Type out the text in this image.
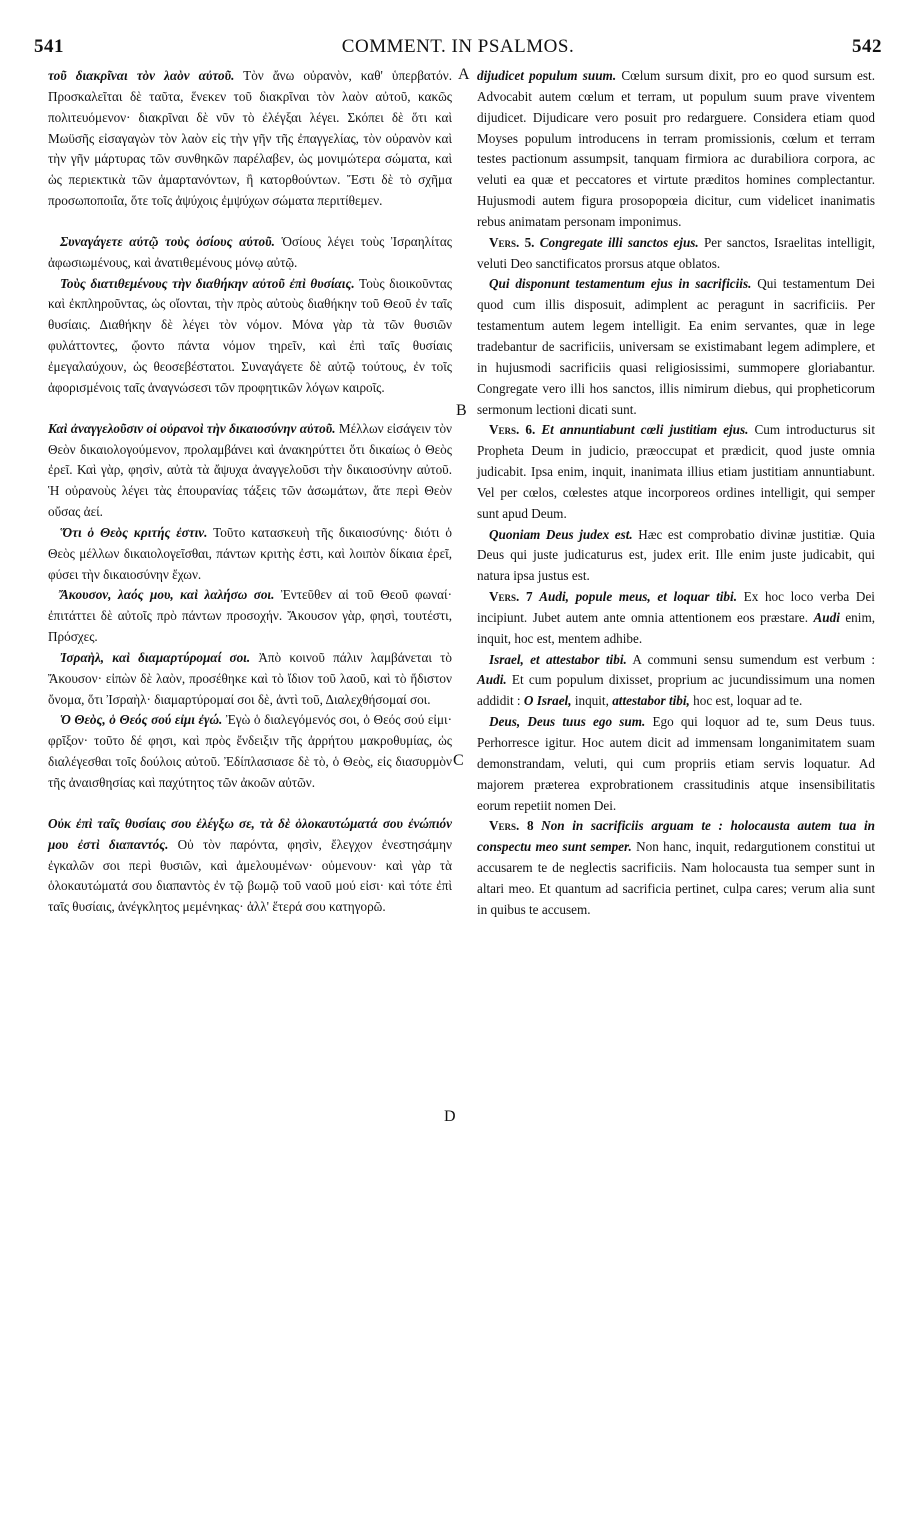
541	COMMENT. IN PSALMOS.	542

τοῦ διακρῖναι τὸν λαὸν αὐτοῦ. Τὸν ἄνω οὐρανὸν, καθ' ὑπερβατόν. Προσκαλεῖται δὲ ταῦτα, ἕνεκεν τοῦ διακρῖναι τὸν λαὸν αὐτοῦ, κακῶς πολιτευόμενον· διακρῖναι δὲ νῦν τὸ ἐλέγξαι λέγει. Σκόπει δὲ ὅτι καὶ Μωϋσῆς εἰσαγαγὼν τὸν λαὸν εἰς τὴν γῆν τῆς ἐπαγγελίας, τὸν οὐρανὸν καὶ τὴν γῆν μάρτυρας τῶν συνθηκῶν παρέλαβεν, ὡς μονιμώτερα σώματα, καὶ ὡς περιεκτικὰ τῶν ἁμαρτανόντων, ἢ κατορθούντων. Ἔστι δὲ τὸ σχῆμα προσωποποιΐα, ὅτε τοῖς ἀψύχοις ἐμψύχων σώματα περιτίθεμεν.

Συναγάγετε αὐτῷ τοὺς ὁσίους αὐτοῦ. Ὁσίους λέγει τοὺς Ἰσραηλίτας ἀφωσιωμένους, καὶ ἀνατιθεμένους μόνῳ αὐτῷ.

Τοὺς διατιθεμένους τὴν διαθήκην αὐτοῦ ἐπὶ θυσίαις. Τοὺς διοικοῦντας καὶ ἐκπληροῦντας, ὡς οἴονται, τὴν πρὸς αὐτοὺς διαθήκην τοῦ Θεοῦ ἐν ταῖς θυσίαις. Διαθήκην δὲ λέγει τὸν νόμον. Μόνα γὰρ τὰ τῶν θυσιῶν φυλάττοντες, ᾤοντο πάντα νόμον τηρεῖν, καὶ ἐπὶ ταῖς θυσίαις ἐμεγαλαύχουν, ὡς θεοσεβέστατοι. Συναγάγετε δὲ αὐτῷ τούτους, ἐν τοῖς ἀφορισμένοις ταῖς ἀναγνώσεσι τῶν προφητικῶν λόγων καιροῖς.

Καὶ ἀναγγελοῦσιν οἱ οὐρανοὶ τὴν δικαιοσύνην αὐτοῦ. Μέλλων εἰσάγειν τὸν Θεὸν δικαιολογούμενον, προλαμβάνει καὶ ἀνακηρύττει ὅτι δικαίως ὁ Θεὸς ἐρεῖ. Καὶ γὰρ, φησὶν, αὐτὰ τὰ ἄψυχα ἀναγγελοῦσι τὴν δικαιοσύνην αὐτοῦ. Ἡ οὐρανοὺς λέγει τὰς ἐπουρανίας τάξεις τῶν ἀσωμάτων, ἅτε περὶ Θεὸν οὔσας ἀεί.

Ὅτι ὁ Θεὸς κριτής ἐστιν. Τοῦτο κατασκευὴ τῆς δικαιοσύνης· διότι ὁ Θεὸς μέλλων δικαιολογεῖσθαι, πάντων κριτὴς ἐστι, καὶ λοιπὸν δίκαια ἐρεῖ, φύσει τὴν δικαιοσύνην ἔχων.

Ἄκουσον, λαός μου, καὶ λαλήσω σοι. Ἐντεῦθεν αἱ τοῦ Θεοῦ φωναί· ἐπιτάττει δὲ αὐτοῖς πρὸ πάντων προσοχήν. Ἄκουσον γὰρ, φησὶ, τουτέστι, Πρόσχες.

Ἰσραὴλ, καὶ διαμαρτύρομαί σοι. Ἀπὸ κοινοῦ πάλιν λαμβάνεται τὸ Ἄκουσον· εἰπὼν δὲ λαὸν, προσέθηκε καὶ τὸ ἴδιον τοῦ λαοῦ, καὶ τὸ ἥδιστον ὄνομα, ὅτι Ἰσραὴλ· διαμαρτύρομαί σοι δὲ, ἀντὶ τοῦ, Διαλεχθήσομαί σοι.

Ὁ Θεὸς, ὁ Θεός σού εἰμι ἐγώ. Ἐγὼ ὁ διαλεγόμενός σοι, ὁ Θεός σού εἰμι· φρῖξον· τοῦτο δέ φησι, καὶ πρὸς ἔνδειξιν τῆς ἀρρήτου μακροθυμίας, ὡς διαλέγεσθαι τοῖς δούλοις αὐτοῦ. Ἐδίπλασιασε δὲ τὸ, ὁ Θεὸς, εἰς διασυρμὸν τῆς ἀναισθησίας καὶ παχύτητος τῶν ἀκοῶν αὐτῶν.

Οὐκ ἐπὶ ταῖς θυσίαις σου ἐλέγξω σε, τὰ δὲ ὁλοκαυτώματά σου ἐνώπιόν μου ἐστὶ διαπαντός. Οὐ τὸν παρόντα, φησὶν, ἔλεγχον ἐνεστησάμην ἐγκαλῶν σοι περὶ θυσιῶν, καὶ ἀμελουμένων· οὐμενουν· καὶ γὰρ τὰ ὁλοκαυτώματά σου διαπαντὸς ἐν τῷ βωμῷ τοῦ ναοῦ μού εἰσι· καὶ τότε ἐπὶ ταῖς θυσίαις, ἀνέγκλητος μεμένηκας· ἀλλ' ἕτερά σου κατηγορῶ.

dijudicet populum suum. Cœlum sursum dixit, pro eo quod sursum est. Advocabit autem cœlum et terram, ut populum suum prave viventem dijudicet. Dijudicare vero posuit pro redarguere. Considera etiam quod Moyses populum introducens in terram promissionis, cœlum et terram testes pactionum assumpsit, tanquam firmiora ac durabiliora corpora, ac veluti ea quæ et peccatores et virtute præditos homines complectantur. Hujusmodi autem figura prosopopœia dicitur, cum videlicet inanimatis rebus animatam personam imponimus.

Vers. 5. Congregate illi sanctos ejus. Per sanctos, Israelitas intelligit, veluti Deo sanctificatos prorsus atque oblatos.

Qui disponunt testamentum ejus in sacrificiis. Qui testamentum Dei quod cum illis disposuit, adimplent ac peragunt in sacrificiis. Per testamentum autem legem intelligit. Ea enim servantes, quæ in lege tradebantur de sacrificiis, universam se existimabant legem adimplere, et in hujusmodi sacrificiis quasi religiosissimi, summopere gloriabantur. Congregate vero illi hos sanctos, illis nimirum diebus, qui propheticorum sermonum lectioni dicati sunt.

Vers. 6. Et annuntiabunt cœli justitiam ejus. Cum introducturus sit Propheta Deum in judicio, præoccupat et prædicit, quod juste omnia judicabit. Ipsa enim, inquit, inanimata illius etiam justitiam annuntiabunt. Vel per cœlos, cœlestes atque incorporeos ordines intelligit, qui semper sunt apud Deum.

Quoniam Deus judex est. Hæc est comprobatio divinæ justitiæ. Quia Deus qui juste judicaturus est, judex erit. Ille enim juste judicabit, qui natura ipsa justus est.

Vers. 7 Audi, popule meus, et loquar tibi. Ex hoc loco verba Dei incipiunt. Jubet autem ante omnia attentionem eos præstare. Audi enim, inquit, hoc est, mentem adhibe.

Israel, et attestabor tibi. A communi sensu sumendum est verbum : Audi. Et cum populum dixisset, proprium ac jucundissimum una nomen addidit : O Israel, inquit, attestabor tibi, hoc est, loquar ad te.

Deus, Deus tuus ego sum. Ego qui loquor ad te, sum Deus tuus. Perhorresce igitur. Hoc autem dicit ad immensam longanimitatem suam demonstrandam, veluti, qui cum propriis etiam servis loquatur. Ad majorem præterea exprobrationem crassitudinis atque insensibilitatis eorum repetiit nomen Dei.

Vers. 8 Non in sacrificiis arguam te : holocausta autem tua in conspectu meo sunt semper. Non hanc, inquit, redargutionem constitui ut accusarem te de neglectis sacrificiis. Nam holocausta tua semper sunt in altari meo. Et quantum ad sacrificia pertinet, culpa cares; verum alia sunt in quibus te accusem.

A
B
C
D
